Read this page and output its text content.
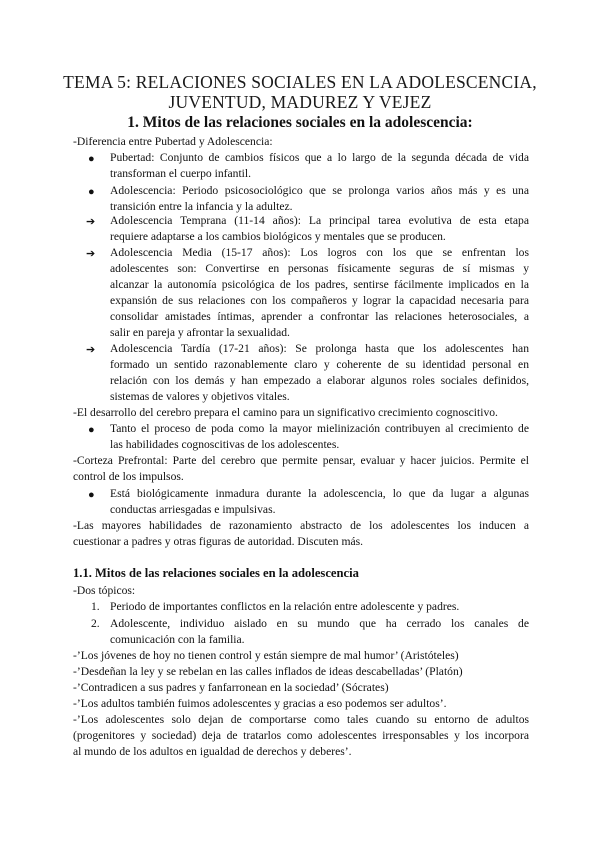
TEMA 5: RELACIONES SOCIALES EN LA ADOLESCENCIA,
JUVENTUD, MADUREZ Y VEJEZ
1. Mitos de las relaciones sociales en la adolescencia:
-Diferencia entre Pubertad y Adolescencia:
● Pubertad: Conjunto de cambios físicos que a lo largo de la segunda década de vida
transforman el cuerpo infantil.
● Adolescencia: Periodo psicosociológico que se prolonga varios años más y es una
transición entre la infancia y la adultez.
➔ Adolescencia Temprana (11-14 años): La principal tarea evolutiva de esta etapa
requiere adaptarse a los cambios biológicos y mentales que se producen.
➔ Adolescencia Media (15-17 años): Los logros con los que se enfrentan los
adolescentes son: Convertirse en personas físicamente seguras de sí mismas y
alcanzar la autonomía psicológica de los padres, sentirse fácilmente implicados en la
expansión de sus relaciones con los compañeros y lograr la capacidad necesaria para
consolidar amistades íntimas, aprender a confrontar las relaciones heterosociales, a
salir en pareja y afrontar la sexualidad.
➔ Adolescencia Tardía (17-21 años): Se prolonga hasta que los adolescentes han
formado un sentido razonablemente claro y coherente de su identidad personal en
relación con los demás y han empezado a elaborar algunos roles sociales definidos,
sistemas de valores y objetivos vitales.
-El desarrollo del cerebro prepara el camino para un significativo crecimiento cognoscitivo.
● Tanto el proceso de poda como la mayor mielinización contribuyen al crecimiento de
las habilidades cognoscitivas de los adolescentes.
-Corteza Prefrontal: Parte del cerebro que permite pensar, evaluar y hacer juicios. Permite el
control de los impulsos.
● Está biológicamente inmadura durante la adolescencia, lo que da lugar a algunas
conductas arriesgadas e impulsivas.
-Las mayores habilidades de razonamiento abstracto de los adolescentes los inducen a
cuestionar a padres y otras figuras de autoridad. Discuten más.
1.1. Mitos de las relaciones sociales en la adolescencia
-Dos tópicos:
1. Periodo de importantes conflictos en la relación entre adolescente y padres.
2. Adolescente, individuo aislado en su mundo que ha cerrado los canales de
comunicación con la familia.
-’Los jóvenes de hoy no tienen control y están siempre de mal humor’ (Aristóteles)
-’Desdeñan la ley y se rebelan en las calles inflados de ideas descabelladas’ (Platón)
-’Contradicen a sus padres y fanfarronean en la sociedad’ (Sócrates)
-’Los adultos también fuimos adolescentes y gracias a eso podemos ser adultos’.
-’Los adolescentes solo dejan de comportarse como tales cuando su entorno de adultos
(progenitores y sociedad) deja de tratarlos como adolescentes irresponsables y los incorpora
al mundo de los adultos en igualdad de derechos y deberes’.
